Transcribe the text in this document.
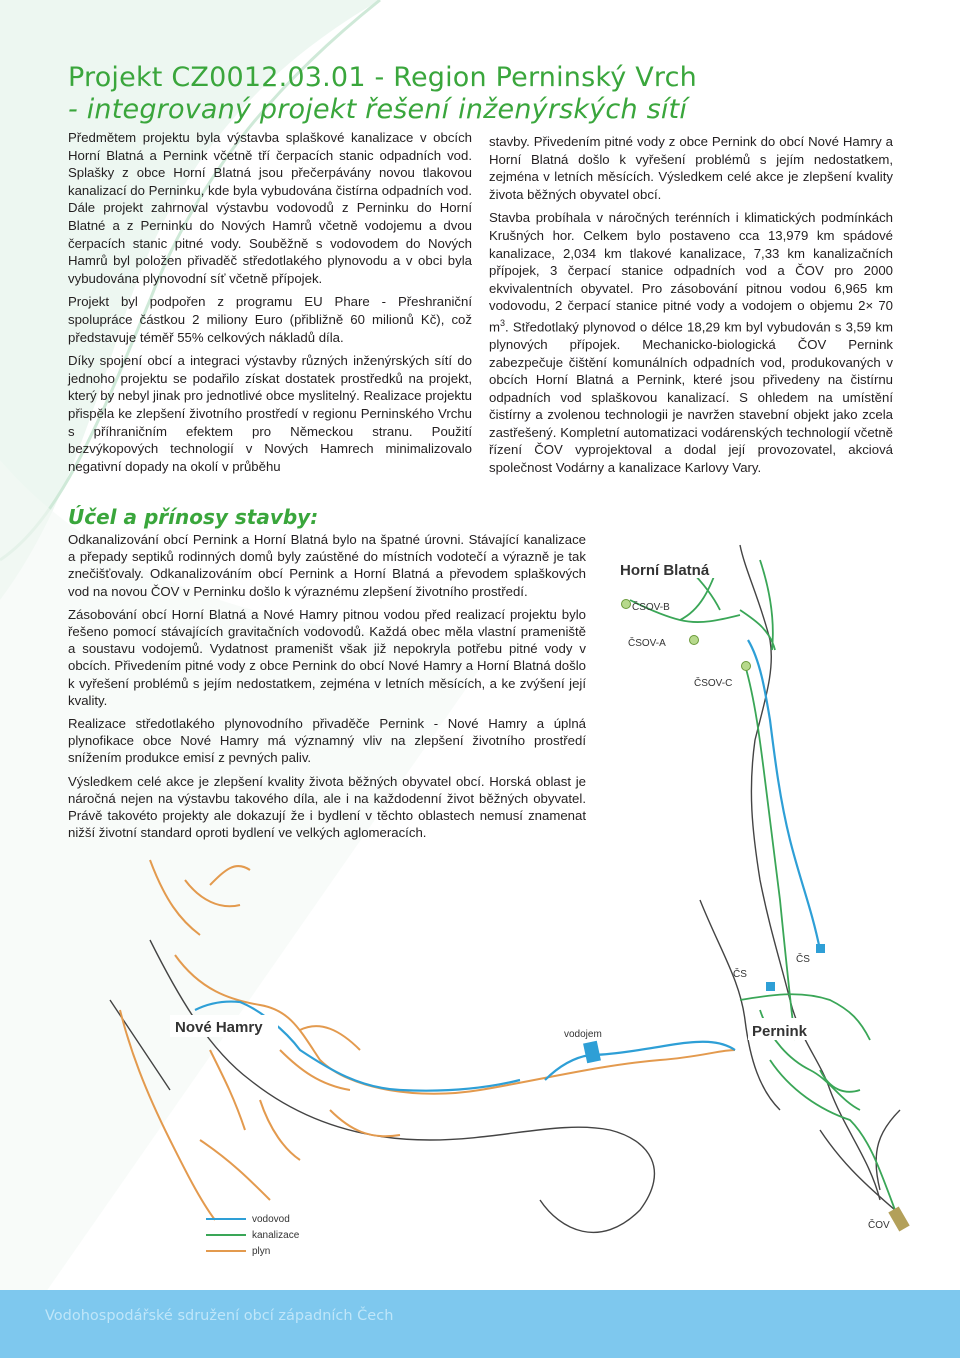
Projekt CZ0012.03.01 - Region Perninský Vrch
- integrovaný projekt řešení inženýrských sítí

Předmětem projektu byla výstavba splaškové kanalizace v obcích Horní Blatná a Pernink včetně tří čerpacích stanic odpadních vod. Splašky z obce Horní Blatná jsou přečerpávány novou tlakovou kanalizací do Perninku, kde byla vybudována čistírna odpadních vod. Dále projekt zahrnoval výstavbu vodovodů z Perninku do Horní Blatné a z Perninku do Nových Hamrů včetně vodojemu a dvou čerpacích stanic pitné vody. Souběžně s vodovodem do Nových Hamrů byl položen přivaděč středotlakého plynovodu a v obci byla vybudována plynovodní síť včetně přípojek.

Projekt byl podpořen z programu EU Phare - Přeshraniční spolupráce částkou 2 miliony Euro (přibližně 60 milionů Kč), což představuje téměř 55% celkových nákladů díla.

Díky spojení obcí a integraci výstavby různých inženýrských sítí do jednoho projektu se podařilo získat dostatek prostředků na projekt, který by nebyl jinak pro jednotlivé obce myslitelný. Realizace projektu přispěla ke zlepšení životního prostředí v regionu Perninského Vrchu s příhraničním efektem pro Německou stranu. Použití bezvýkopových technologií v Nových Hamrech minimalizovalo negativní dopady na okolí v průběhu

stavby. Přivedením pitné vody z obce Pernink do obcí Nové Hamry a Horní Blatná došlo k vyřešení problémů s jejím nedostatkem, zejména v letních měsících. Výsledkem celé akce je zlepšení kvality života běžných obyvatel obcí.

Stavba probíhala v náročných terénních i klimatických podmínkách Krušných hor. Celkem bylo postaveno cca 13,979 km spádové kanalizace, 2,034 km tlakové kanalizace, 7,33 km kanalizačních přípojek, 3 čerpací stanice odpadních vod a ČOV pro 2000 ekvivalentních obyvatel. Pro zásobování pitnou vodou 6,965 km vodovodu, 2 čerpací stanice pitné vody a vodojem o objemu 2× 70 $m^3$. Středotlaký plynovod o délce 18,29 km byl vybudován s 3,59 km plynových přípojek. Mechanicko-biologická ČOV Pernink zabezpečuje čištění komunálních odpadních vod, produkovaných v obcích Horní Blatná a Pernink, které jsou přivedeny na čistírnu odpadních vod splaškovou kanalizací. S ohledem na umístění čistírny a zvolenou technologii je navržen stavební objekt jako zcela zastřešený. Kompletní automatizaci vodárenských technologií včetně řízení ČOV vyprojektoval a dodal její provozovatel, akciová společnost Vodárny a kanalizace Karlovy Vary.

Účel a přínosy stavby:

Odkanalizování obcí Pernink a Horní Blatná bylo na špatné úrovni. Stávající kanalizace a přepady septiků rodinných domů byly zaústěné do místních vodotečí a výrazně je tak znečišťovaly. Odkanalizováním obcí Pernink a Horní Blatná a převodem splaškových vod na novou ČOV v Perninku došlo k výraznému zlepšení životního prostředí.

Zásobování obcí Horní Blatná a Nové Hamry pitnou vodou před realizací projektu bylo řešeno pomocí stávajících gravitačních vodovodů. Každá obec měla vlastní prameniště a soustavu vodojemů. Vydatnost prameništ však již nepokryla potřebu pitné vody v obcích. Přivedením pitné vody z obce Pernink do obcí Nové Hamry a Horní Blatná došlo k vyřešení problémů s jejím nedostatkem, zejména v letních měsících, a ke zvýšení její kvality.

Realizace středotlakého plynovodního přivaděče Pernink - Nové Hamry a úplná plynofikace obce Nové Hamry má významný vliv na zlepšení životního prostředí snížením produkce emisí z pevných paliv.

Výsledkem celé akce je zlepšení kvality života běžných obyvatel obcí. Horská oblast je náročná nejen na výstavbu takového díla, ale i na každodenní život běžných obyvatel. Právě takovéto projekty ale dokazují že i bydlení v těchto oblastech nemusí znamenat nižší životní standard oproti bydlení ve velkých aglomeracích.

Horní Blatná
Nové Hamry	Pernink
ČSOV-B
ČSOV-A
ČSOV-C
ČS
ČS
vodojem
ČOV
vodovod
kanalizace
plyn
Vodohospodářské sdružení obcí západních Čech
